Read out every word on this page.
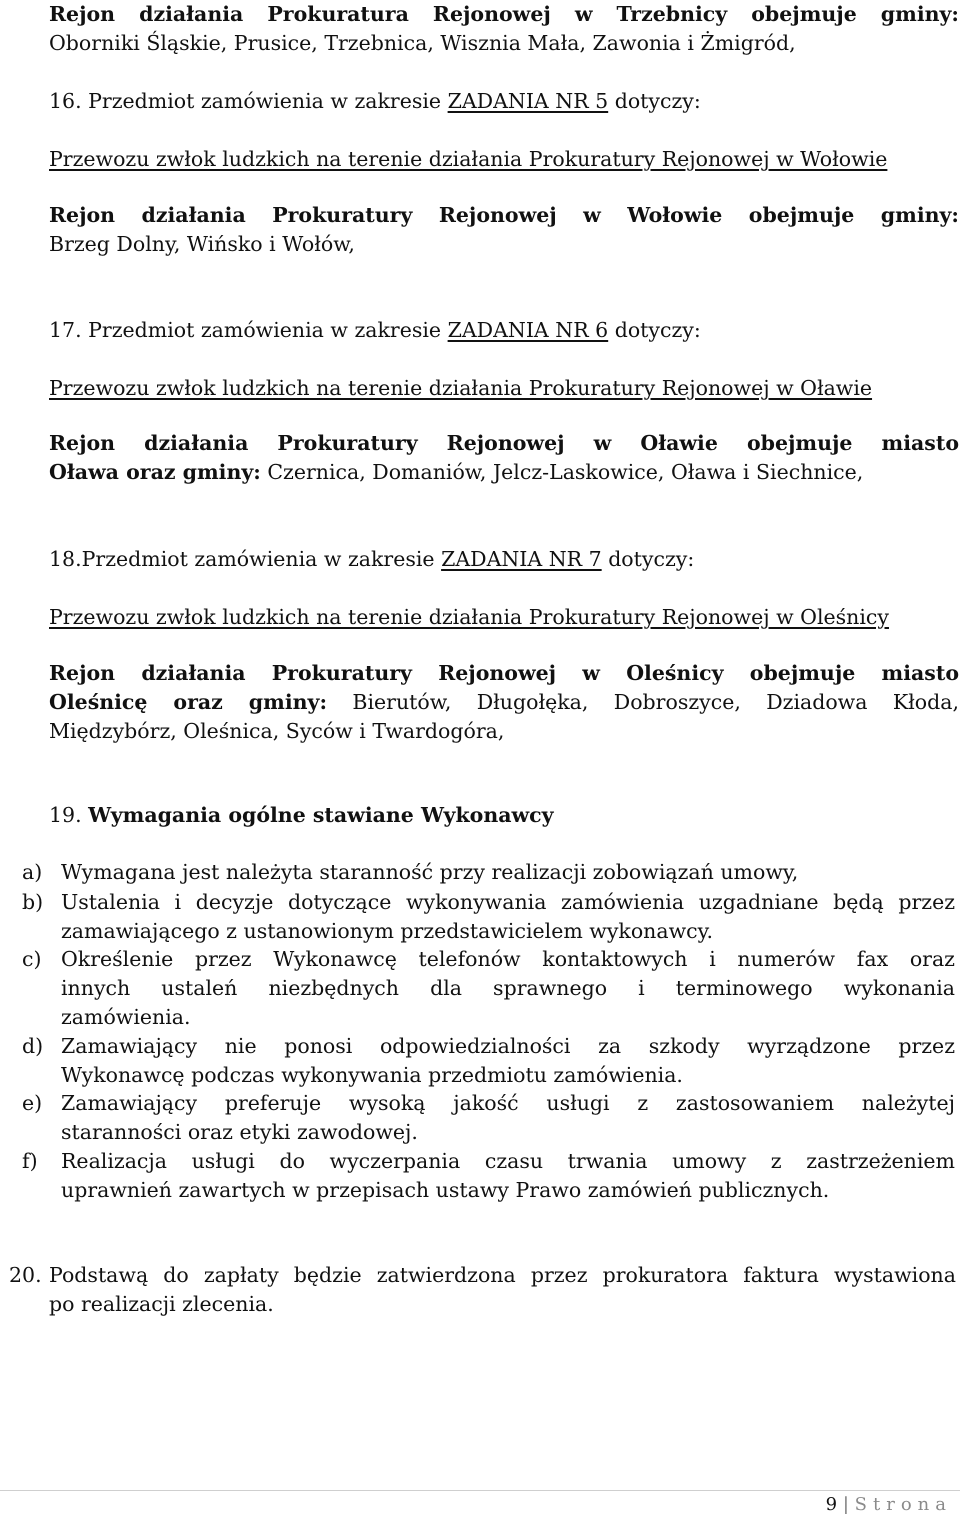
Rejon działania Prokuratura Rejonowej w Trzebnicy obejmuje gminy:
Oborniki Śląskie, Prusice, Trzebnica, Wisznia Mała, Zawonia i Żmigród,
16. Przedmiot zamówienia w zakresie ZADANIA NR 5 dotyczy:
Przewozu zwłok ludzkich na terenie działania Prokuratury Rejonowej w Wołowie
Rejon działania Prokuratury Rejonowej w Wołowie obejmuje gminy:
Brzeg Dolny, Wińsko i Wołów,
17. Przedmiot zamówienia w zakresie ZADANIA NR 6 dotyczy:
Przewozu zwłok ludzkich na terenie działania Prokuratury Rejonowej w Oławie
Rejon działania Prokuratury Rejonowej w Oławie obejmuje miasto
Oława oraz gminy: Czernica, Domaniów, Jelcz-Laskowice, Oława i Siechnice,
18.Przedmiot zamówienia w zakresie ZADANIA NR 7 dotyczy:
Przewozu zwłok ludzkich na terenie działania Prokuratury Rejonowej w Oleśnicy
Rejon działania Prokuratury Rejonowej w Oleśnicy obejmuje miasto
Oleśnicę oraz gminy: Bierutów, Długołęka, Dobroszyce, Dziadowa Kłoda,
Międzybórz, Oleśnica, Syców i Twardogóra,
19. Wymagania ogólne stawiane Wykonawcy
a) Wymagana jest należyta staranność przy realizacji zobowiązań umowy,
b) Ustalenia i decyzje dotyczące wykonywania zamówienia uzgadniane będą przez
zamawiającego z ustanowionym przedstawicielem wykonawcy.
c) Określenie przez Wykonawcę telefonów kontaktowych i numerów fax oraz
innych ustaleń niezbędnych dla sprawnego i terminowego wykonania
zamówienia.
d) Zamawiający nie ponosi odpowiedzialności za szkody wyrządzone przez
Wykonawcę podczas wykonywania przedmiotu zamówienia.
e) Zamawiający preferuje wysoką jakość usługi z zastosowaniem należytej
staranności oraz etyki zawodowej.
f) Realizacja usługi do wyczerpania czasu trwania umowy z zastrzeżeniem
uprawnień zawartych w przepisach ustawy Prawo zamówień publicznych.
20. Podstawą do zapłaty będzie zatwierdzona przez prokuratora faktura wystawiona
po realizacji zlecenia.
9 | Strona
